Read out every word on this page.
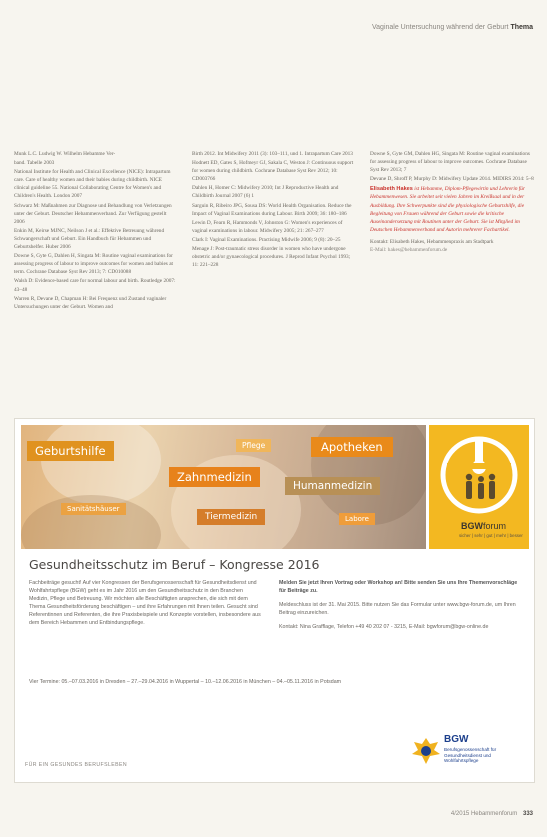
Vaginale Untersuchung während der Geburt Thema

Munk L.C. Ludwig W. Wilhelm Hebamme Ver-

band. Tabelle 2003

National Institute for Health and Clinical Excellence (NICE): Intrapartum care. Care of healthy women and their babies during childbirth. NICE clinical guideline 55. National Collaborating Centre for Women's and Children's Health. London 2007

Schwarz M: Maßnahmen zur Diagnose und Behandlung von Verletzungen unter der Geburt. Deutscher Hebammenverband. Zur Verfügung gestellt 2006

Enkin M, Keirse MJNC, Neilson J et al.: Effektive Betreuung während Schwangerschaft und Geburt. Ein Handbuch für Hebammen und Geburtshelfer. Huber 2006

Downe S, Gyte G, Dahlen H, Singata M: Routine vaginal examinations for assessing progress of labour to improve outcomes for women and babies at term. Cochrane Database Syst Rev 2013; 7: CD010088

Walsh D: Evidence-based care for normal labour and birth. Routledge 2007: 43–48

Warren R, Devane D, Chapman H: Bei Frequenz und Zustand vaginaler Untersuchungen unter der Geburt. Women and

Birth 2012. Int Midwifery 2011 (3): 103–111, und 1. Intrapartum Care 2013

Hodnett ED, Gates S, Hofmeyr GJ, Sakala C, Weston J: Continuous support for women during childbirth. Cochrane Database Syst Rev 2012; 10: CD003766

Dahlen H, Homer C: Midwifery 2010; Int J Reproductive Health and Childbirth Journal 2007 (6) 1

Sarguin R, Ribeiro JPG, Sousa DS: World Health Organisation. Reduce the Impact of Vaginal Examinations during Labour. Birth 2009; 36: 180–186

Lewin D, Fearn R, Hammonds V, Johnston G: Women's experiences of vaginal examinations in labour. Midwifery 2005; 21: 267–277

Clark I: Vaginal Examinations. Practising Midwife 2006; 9 (8): 20–25

Menage J: Post-traumatic stress disorder in women who have undergone obstetric and/or gynaecological procedures. J Reprod Infant Psychol 1993; 11: 221–228

Downe S, Gyte GM, Dahlen HG, Singata M: Routine vaginal examinations for assessing progress of labour to improve outcomes. Cochrane Database Syst Rev 2013; 7

Devane D, Shroff P, Murphy D: Midwifery Update 2014. MIDIRS 2014: 5–8

Elisabeth Hakes ist Hebamme, Diplom-Pflegewirtin und Lehrerin für Hebammenwesen. Sie arbeitet seit vielen Jahren im Kreißsaal und in der Ausbildung. Ihre Schwerpunkte sind die physiologische Geburtshilfe, die Begleitung von Frauen während der Geburt sowie die kritische Auseinandersetzung mit Routinen unter der Geburt. Sie ist Mitglied im Deutschen Hebammenverband und Autorin mehrerer Fachartikel.
Kontakt: Elisabeth Hakes, Hebammenpraxis am Stadtpark
E-Mail: hakes@hebammenforum.de
Geburtshilfe	Pflege	Apotheken
Zahnmedizin
Humanmedizin
Sanitätshäuser
Tiermedizin	Labore
BGWforum
sicher | sehr | gut | mehr | besser
Gesundheitsschutz im Beruf – Kongresse 2016

Fachbeiträge gesucht! Auf vier Kongressen der Berufsgenossenschaft für Gesundheitsdienst und Wohlfahrtspflege (BGW) geht es im Jahr 2016 um den Gesundheitsschutz in den Branchen Medizin, Pflege und Betreuung. Wir möchten alle Beschäftigten ansprechen, die sich mit dem Thema Gesundheitsförderung beschäftigen – und ihre Erfahrungen mit Ihnen teilen. Gesucht sind Referentinnen und Referenten, die ihre Praxisbeispiele und Konzepte vorstellen, insbesondere aus dem Bereich Hebammen und Entbindungspflege.

Melden Sie jetzt Ihren Vortrag oder Workshop an! Bitte senden Sie uns Ihre Themenvorschläge für Beiträge zu.

Meldeschluss ist der 31. Mai 2015. Bitte nutzen Sie das Formular unter www.bgw-forum.de, um Ihren Beitrag einzureichen.

Kontakt: Nina Grafflage, Telefon +49 40 202 07 - 3215, E-Mail: bgwforum@bgw-online.de

Vier Termine: 05.–07.03.2016 in Dresden – 27.–29.04.2016 in Wuppertal – 10.–12.06.2016 in München – 04.–05.11.2016 in Potsdam
FÜR EIN GESUNDES BERUFSLEBEN
BGW
Berufsgenossenschaft für Gesundheitsdienst und Wohlfahrtspflege
4/2015 Hebammenforum 333
